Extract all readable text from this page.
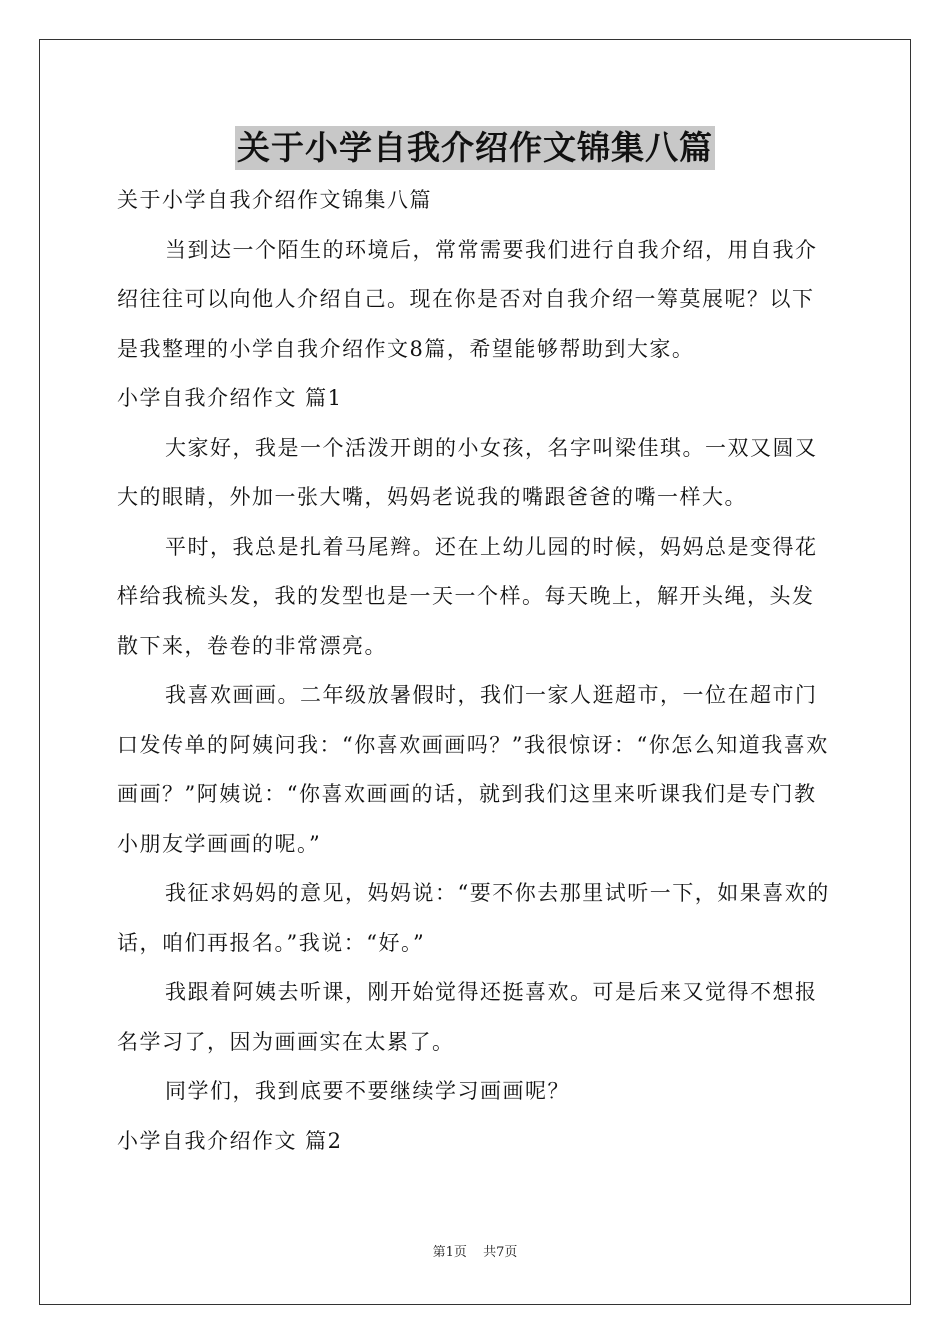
关于小学自我介绍作文锦集八篇

关于小学自我介绍作文锦集八篇

当到达一个陌生的环境后，常常需要我们进行自我介绍，用自我介绍往往可以向他人介绍自己。现在你是否对自我介绍一筹莫展呢？以下是我整理的小学自我介绍作文8篇，希望能够帮助到大家。

小学自我介绍作文 篇1

大家好，我是一个活泼开朗的小女孩，名字叫梁佳琪。一双又圆又大的眼睛，外加一张大嘴，妈妈老说我的嘴跟爸爸的嘴一样大。

平时，我总是扎着马尾辫。还在上幼儿园的时候，妈妈总是变得花样给我梳头发，我的发型也是一天一个样。每天晚上，解开头绳，头发散下来，卷卷的非常漂亮。

我喜欢画画。二年级放暑假时，我们一家人逛超市，一位在超市门口发传单的阿姨问我：“你喜欢画画吗？”我很惊讶：“你怎么知道我喜欢画画？”阿姨说：“你喜欢画画的话，就到我们这里来听课我们是专门教小朋友学画画的呢。”

我征求妈妈的意见，妈妈说：“要不你去那里试听一下，如果喜欢的话，咱们再报名。”我说：“好。”

我跟着阿姨去听课，刚开始觉得还挺喜欢。可是后来又觉得不想报名学习了，因为画画实在太累了。

同学们，我到底要不要继续学习画画呢？

小学自我介绍作文 篇2

第1页 共7页
